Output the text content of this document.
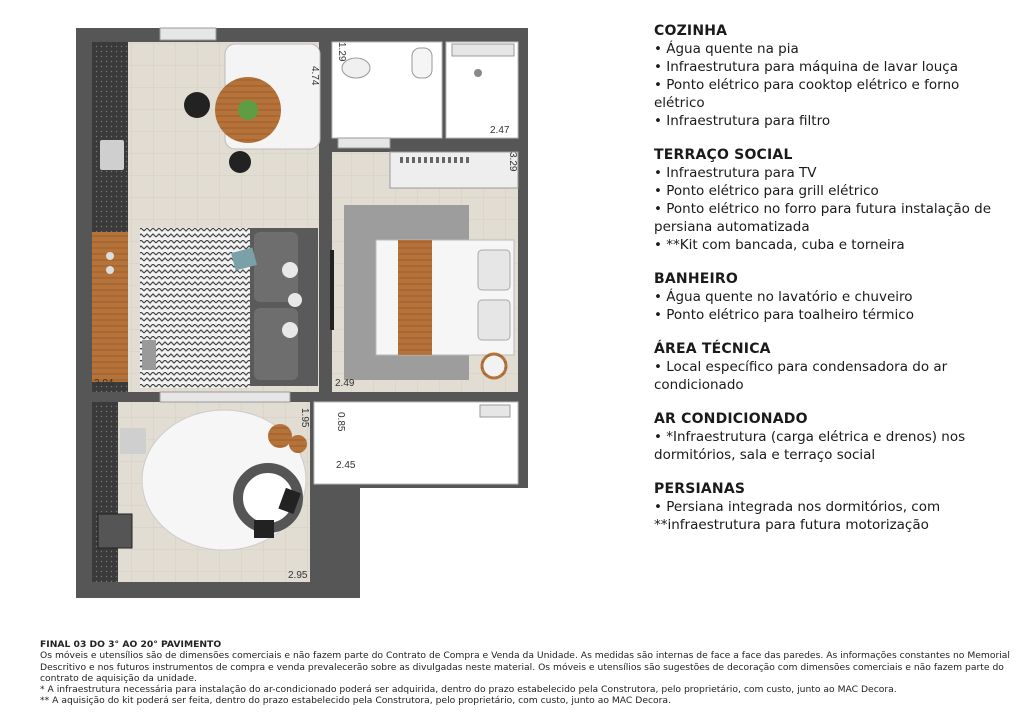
4.74
1.29
2.47
3.29
3.04	2.49
1.95	0.85
2.45
2.95
COZINHA
• Água quente na pia
• Infraestrutura para máquina de lavar louça
• Ponto elétrico para cooktop elétrico e forno elétrico
• Infraestrutura para filtro
TERRAÇO SOCIAL
• Infraestrutura para TV
• Ponto elétrico para grill elétrico
• Ponto elétrico no forro para futura instalação de persiana automatizada
• **Kit com bancada, cuba e torneira
BANHEIRO
• Água quente no lavatório e chuveiro
• Ponto elétrico para toalheiro térmico
ÁREA TÉCNICA
• Local específico para condensadora do ar condicionado
AR CONDICIONADO
• *Infraestrutura (carga elétrica e drenos) nos dormitórios, sala e terraço social
PERSIANAS
• Persiana integrada nos dormitórios, com **infraestrutura para futura motorização
FINAL 03 DO 3° AO 20° PAVIMENTO
Os móveis e utensílios são de dimensões comerciais e não fazem parte do Contrato de Compra e Venda da Unidade. As medidas são internas de face a face das paredes. As informações constantes no Memorial Descritivo e nos futuros instrumentos de compra e venda prevalecerão sobre as divulgadas neste material. Os móveis e utensílios são sugestões de decoração com dimensões comerciais e não fazem parte do contrato de aquisição da unidade.
* A infraestrutura necessária para instalação do ar-condicionado poderá ser adquirida, dentro do prazo estabelecido pela Construtora, pelo proprietário, com custo, junto ao MAC Decora.
** A aquisição do kit poderá ser feita, dentro do prazo estabelecido pela Construtora, pelo proprietário, com custo, junto ao MAC Decora.
